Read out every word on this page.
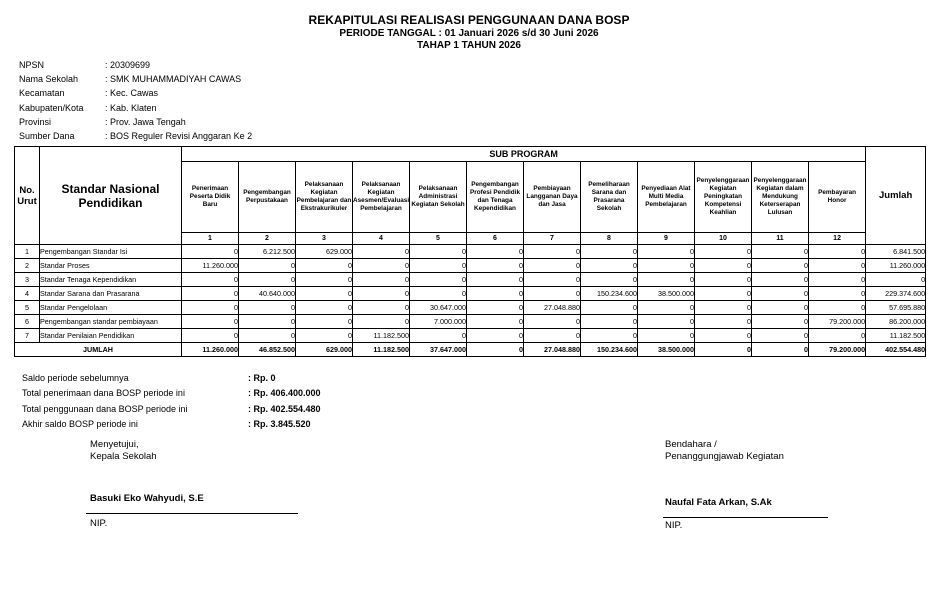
REKAPITULASI REALISASI PENGGUNAAN DANA BOSP
PERIODE TANGGAL : 01 Januari 2026 s/d 30 Juni 2026
TAHAP 1 TAHUN 2026
NPSN	: 20309699
Nama Sekolah	: SMK MUHAMMADIYAH CAWAS
Kecamatan	: Kec. Cawas
Kabupaten/Kota	: Kab. Klaten
Provinsi	: Prov. Jawa Tengah
Sumber Dana	: BOS Reguler Revisi Anggaran Ke 2
No. Urut	Standar Nasional Pendidikan	SUB PROGRAM												Jumlah
		Penerimaan Peserta Didik Baru	Pengembangan Perpustakaan	Pelaksanaan Kegiatan Pembelajaran dan Ekstrakurikuler	Pelaksanaan Kegiatan Asesmen/Evaluasi Pembelajaran	Pelaksanaan Administrasi Kegiatan Sekolah	Pengembangan Profesi Pendidik dan Tenaga Kependidikan	Pembiayaan Langganan Daya dan Jasa	Pemeliharaan Sarana dan Prasarana Sekolah	Penyediaan Alat Multi Media Pembelajaran	Penyelenggaraan Kegiatan Peningkatan Kompetensi Keahlian	Penyelenggaraan Kegiatan dalam Mendukung Keterserapan Lulusan	Pembayaran Honor	
		1	2	3	4	5	6	7	8	9	10	11	12	
1	Pengembangan Standar Isi	0	6.212.500	629.000	0	0	0	0	0	0	0	0	0	6.841.500
2	Standar Proses	11.260.000	0	0	0	0	0	0	0	0	0	0	0	11.260.000
3	Standar Tenaga Kependidikan	0	0	0	0	0	0	0	0	0	0	0	0	0
4	Standar Sarana dan Prasarana	0	40.640.000	0	0	0	0	0	150.234.600	38.500.000	0	0	0	229.374.600
5	Standar Pengelolaan	0	0	0	0	30.647.000	0	27.048.880	0	0	0	0	0	57.695.880
6	Pengembangan standar pembiayaan	0	0	0	0	7.000.000	0	0	0	0	0	0	79.200.000	86.200.000
7	Standar Penilaian Pendidikan	0	0	0	11.182.500	0	0	0	0	0	0	0	0	11.182.500
JUMLAH		11.260.000	46.852.500	629.000	11.182.500	37.647.000	0	27.048.880	150.234.600	38.500.000	0	0	79.200.000	402.554.480
Saldo periode sebelumnya	: Rp. 0
Total penerimaan dana BOSP periode ini	: Rp. 406.400.000
Total penggunaan dana BOSP periode ini	: Rp. 402.554.480
Akhir saldo BOSP periode ini	: Rp. 3.845.520
Menyetujui,
Kepala Sekolah
Basuki Eko Wahyudi, S.E
NIP.
Bendahara /
Penanggungjawab Kegiatan
Naufal Fata Arkan, S.Ak
NIP.
